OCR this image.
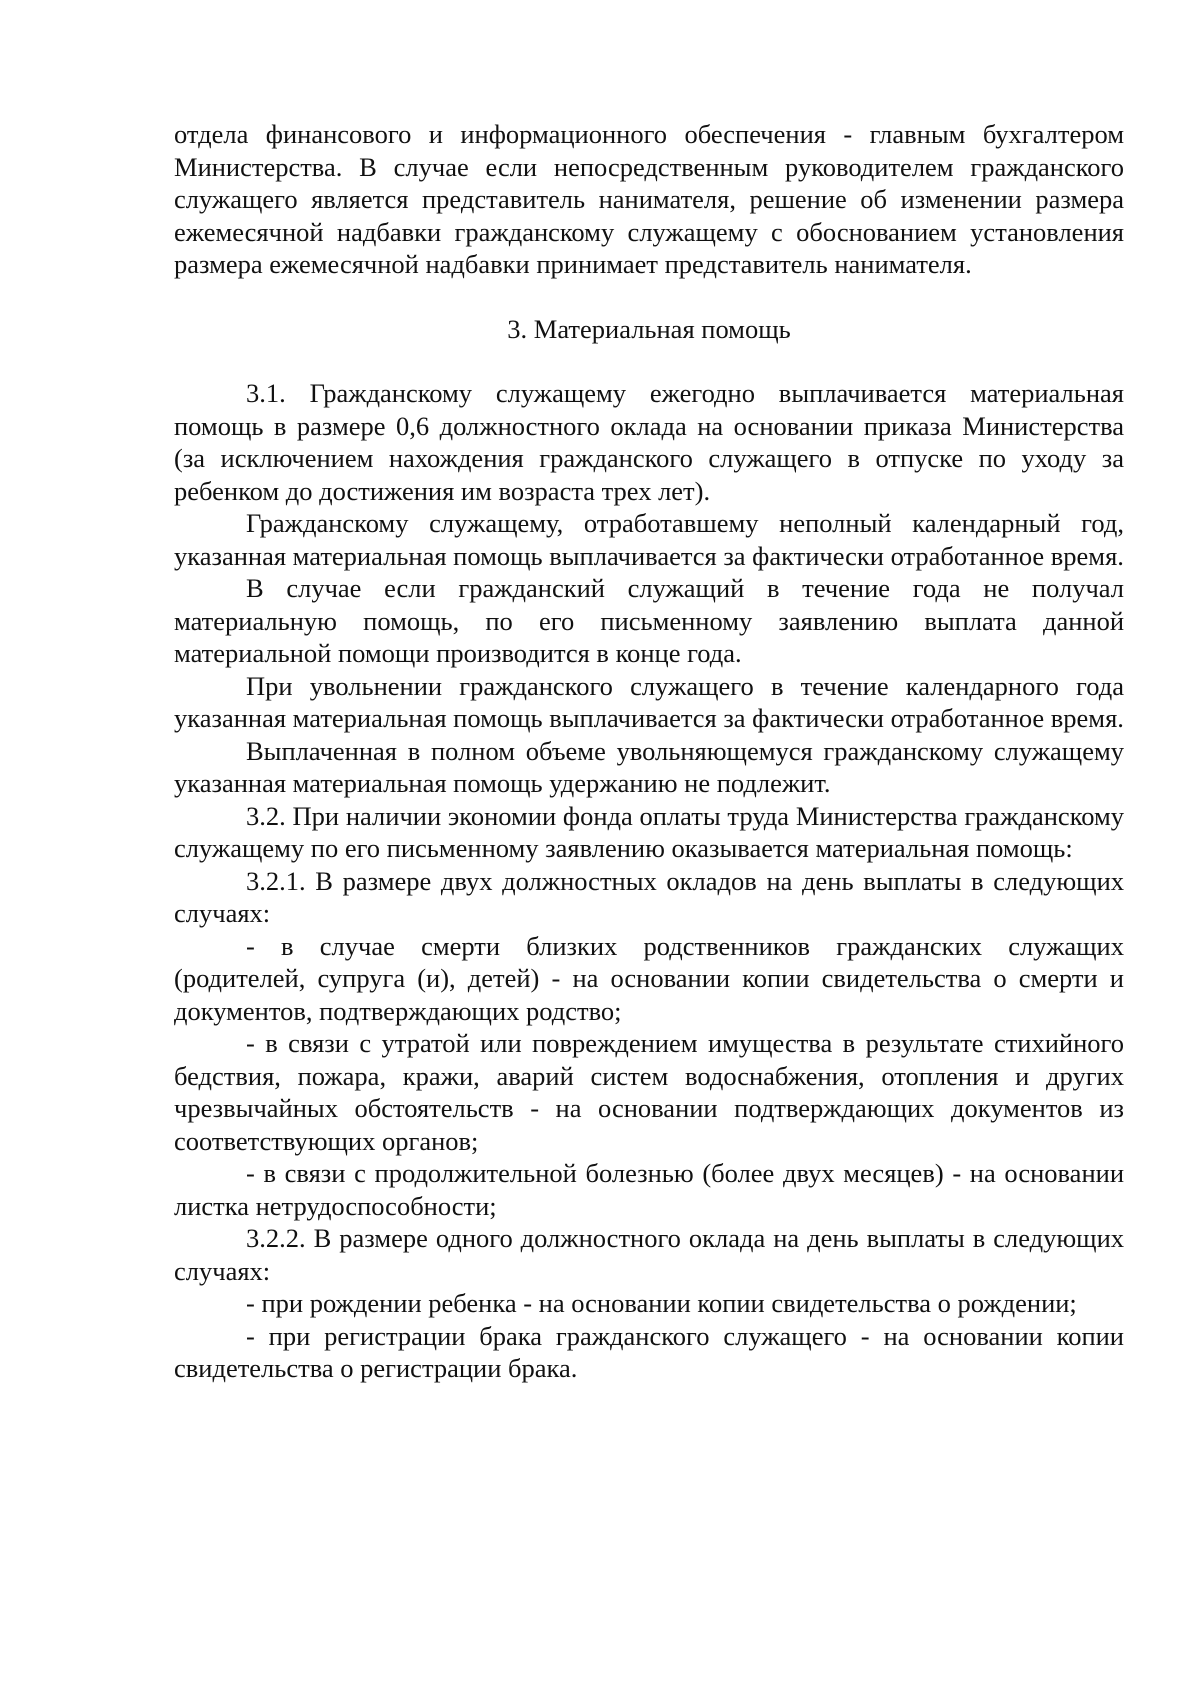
отдела финансового и информационного обеспечения - главным бухгалтером Министерства. В случае если непосредственным руководителем гражданского служащего является представитель нанимателя, решение об изменении размера ежемесячной надбавки гражданскому служащему с обоснованием установления размера ежемесячной надбавки принимает представитель нанимателя.

3. Материальная помощь

3.1. Гражданскому служащему ежегодно выплачивается материальная помощь в размере 0,6 должностного оклада на основании приказа Министерства (за исключением нахождения гражданского служащего в отпуске по уходу за ребенком до достижения им возраста трех лет).

Гражданскому служащему, отработавшему неполный календарный год, указанная материальная помощь выплачивается за фактически отработанное время.

В случае если гражданский служащий в течение года не получал материальную помощь, по его письменному заявлению выплата данной материальной помощи производится в конце года.

При увольнении гражданского служащего в течение календарного года указанная материальная помощь выплачивается за фактически отработанное время.

Выплаченная в полном объеме увольняющемуся гражданскому служащему указанная материальная помощь удержанию не подлежит.

3.2. При наличии экономии фонда оплаты труда Министерства гражданскому служащему по его письменному заявлению оказывается материальная помощь:

3.2.1. В размере двух должностных окладов на день выплаты в следующих случаях:

- в случае смерти близких родственников гражданских служащих (родителей, супруга (и), детей) - на основании копии свидетельства о смерти и документов, подтверждающих родство;

- в связи с утратой или повреждением имущества в результате стихийного бедствия, пожара, кражи, аварий систем водоснабжения, отопления и других чрезвычайных обстоятельств - на основании подтверждающих документов из соответствующих органов;

- в связи с продолжительной болезнью (более двух месяцев) - на основании листка нетрудоспособности;

3.2.2. В размере одного должностного оклада на день выплаты в следующих случаях:

- при рождении ребенка - на основании копии свидетельства о рождении;

- при регистрации брака гражданского служащего - на основании копии свидетельства о регистрации брака.
